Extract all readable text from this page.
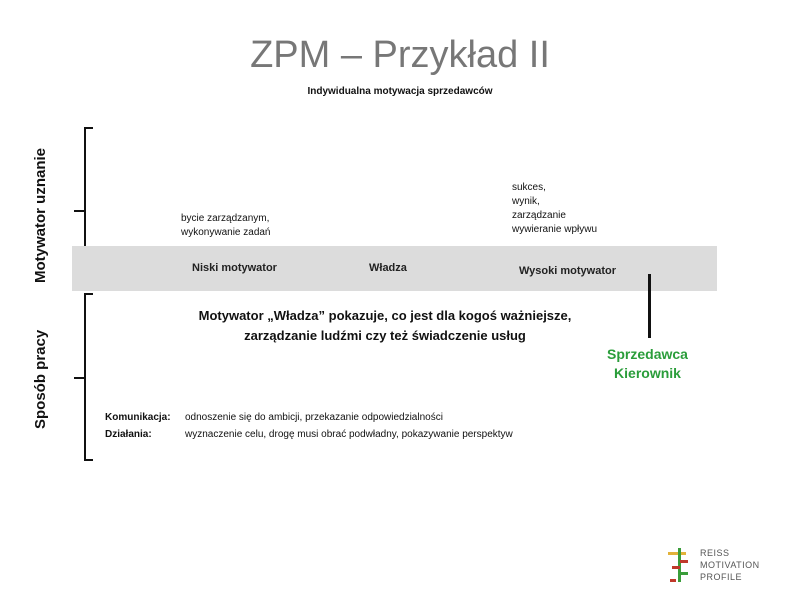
ZPM – Przykład II
Indywidualna motywacja sprzedawców
Motywator uznanie
Sposób pracy
Niski motywator	Władza	Wysoki motywator
bycie zarządzanym,
wykonywanie zadań
sukces,
wynik,
zarządzanie
wywieranie wpływu
Motywator „Władza” pokazuje, co jest dla kogoś ważniejsze,
zarządzanie ludźmi czy też świadczenie usług
Sprzedawca
Kierownik
Komunikacja: odnoszenie się do ambicji, przekazanie odpowiedzialności
Działania:	wyznaczenie celu, drogę musi obrać podwładny, pokazywanie perspektyw
REISS
MOTIVATION
PROFILE
